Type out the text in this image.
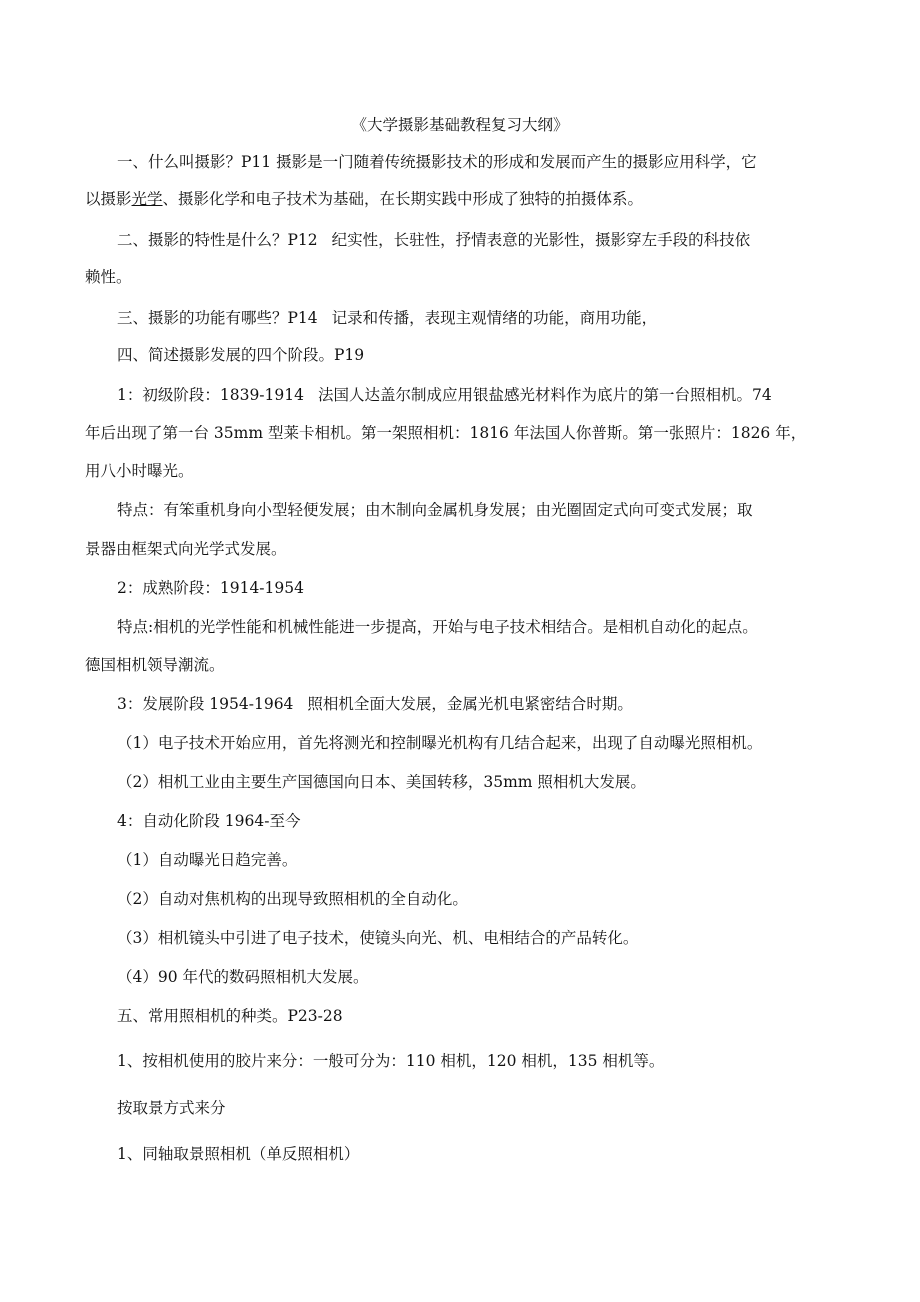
《大学摄影基础教程复习大纲》

一、什么叫摄影？P11 摄影是一门随着传统摄影技术的形成和发展而产生的摄影应用科学，它

以摄影光学、摄影化学和电子技术为基础，在长期实践中形成了独特的拍摄体系。

二、摄影的特性是什么？P12 纪实性，长驻性，抒情表意的光影性，摄影穿左手段的科技依

赖性。

三、摄影的功能有哪些？P14 记录和传播，表现主观情绪的功能，商用功能，

四、简述摄影发展的四个阶段。P19

1：初级阶段：1839-1914 法国人达盖尔制成应用银盐感光材料作为底片的第一台照相机。74

年后出现了第一台 35mm 型莱卡相机。第一架照相机：1816 年法国人你普斯。第一张照片：1826 年，

用八小时曝光。

特点：有笨重机身向小型轻便发展；由木制向金属机身发展；由光圈固定式向可变式发展；取

景器由框架式向光学式发展。

2：成熟阶段：1914-1954

特点:相机的光学性能和机械性能进一步提高，开始与电子技术相结合。是相机自动化的起点。

德国相机领导潮流。

3：发展阶段 1954-1964 照相机全面大发展，金属光机电紧密结合时期。

（1）电子技术开始应用，首先将测光和控制曝光机构有几结合起来，出现了自动曝光照相机。

（2）相机工业由主要生产国德国向日本、美国转移，35mm 照相机大发展。

4：自动化阶段 1964-至今

（1）自动曝光日趋完善。

（2）自动对焦机构的出现导致照相机的全自动化。

（3）相机镜头中引进了电子技术，使镜头向光、机、电相结合的产品转化。

（4）90 年代的数码照相机大发展。

五、常用照相机的种类。P23-28

1、按相机使用的胶片来分：一般可分为：110 相机，120 相机，135 相机等。

按取景方式来分

1、同轴取景照相机（单反照相机）
